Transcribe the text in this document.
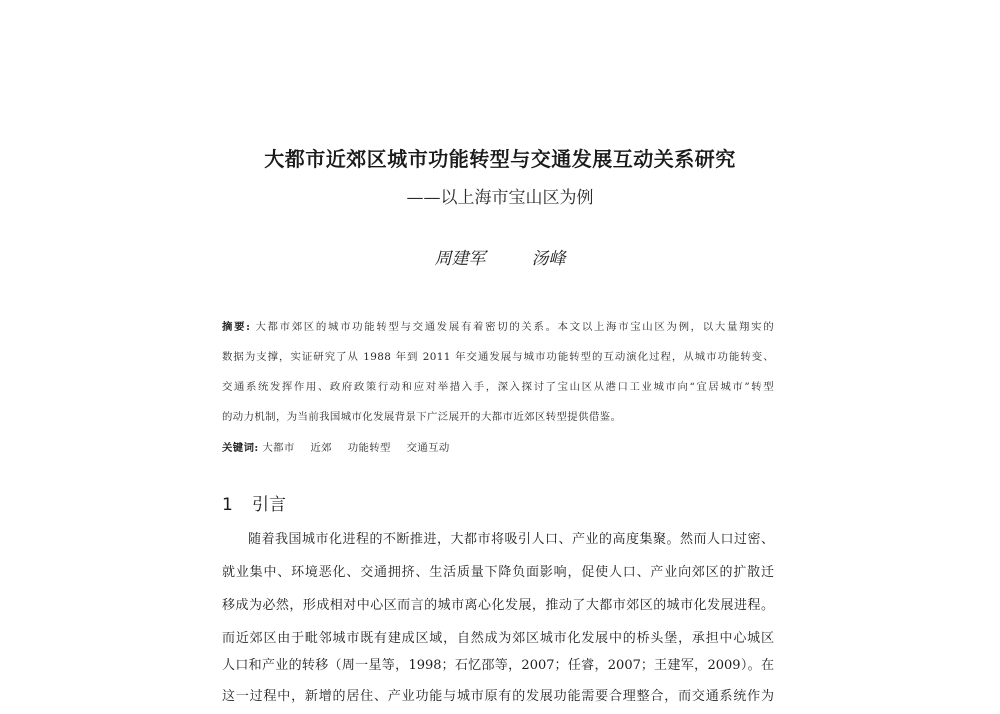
大都市近郊区城市功能转型与交通发展互动关系研究
——以上海市宝山区为例
周建军	汤峰
摘要: 大都市郊区的城市功能转型与交通发展有着密切的关系。本文以上海市宝山区为例，以大量翔实的
数据为支撑，实证研究了从 1988 年到 2011 年交通发展与城市功能转型的互动演化过程，从城市功能转变、
交通系统发挥作用、政府政策行动和应对举措入手，深入探讨了宝山区从港口工业城市向“宜居城市”转型
的动力机制，为当前我国城市化发展背景下广泛展开的大都市近郊区转型提供借鉴。
关键词: 大都市 近郊 功能转型 交通互动
1 引言
随着我国城市化进程的不断推进，大都市将吸引人口、产业的高度集聚。然而人口过密、
就业集中、环境恶化、交通拥挤、生活质量下降负面影响，促使人口、产业向郊区的扩散迁
移成为必然，形成相对中心区而言的城市离心化发展，推动了大都市郊区的城市化发展进程。
而近郊区由于毗邻城市既有建成区域，自然成为郊区城市化发展中的桥头堡，承担中心城区
人口和产业的转移（周一星等，1998；石忆邵等，2007；任睿，2007；王建军，2009）。在
这一过程中，新增的居住、产业功能与城市原有的发展功能需要合理整合，而交通系统作为
